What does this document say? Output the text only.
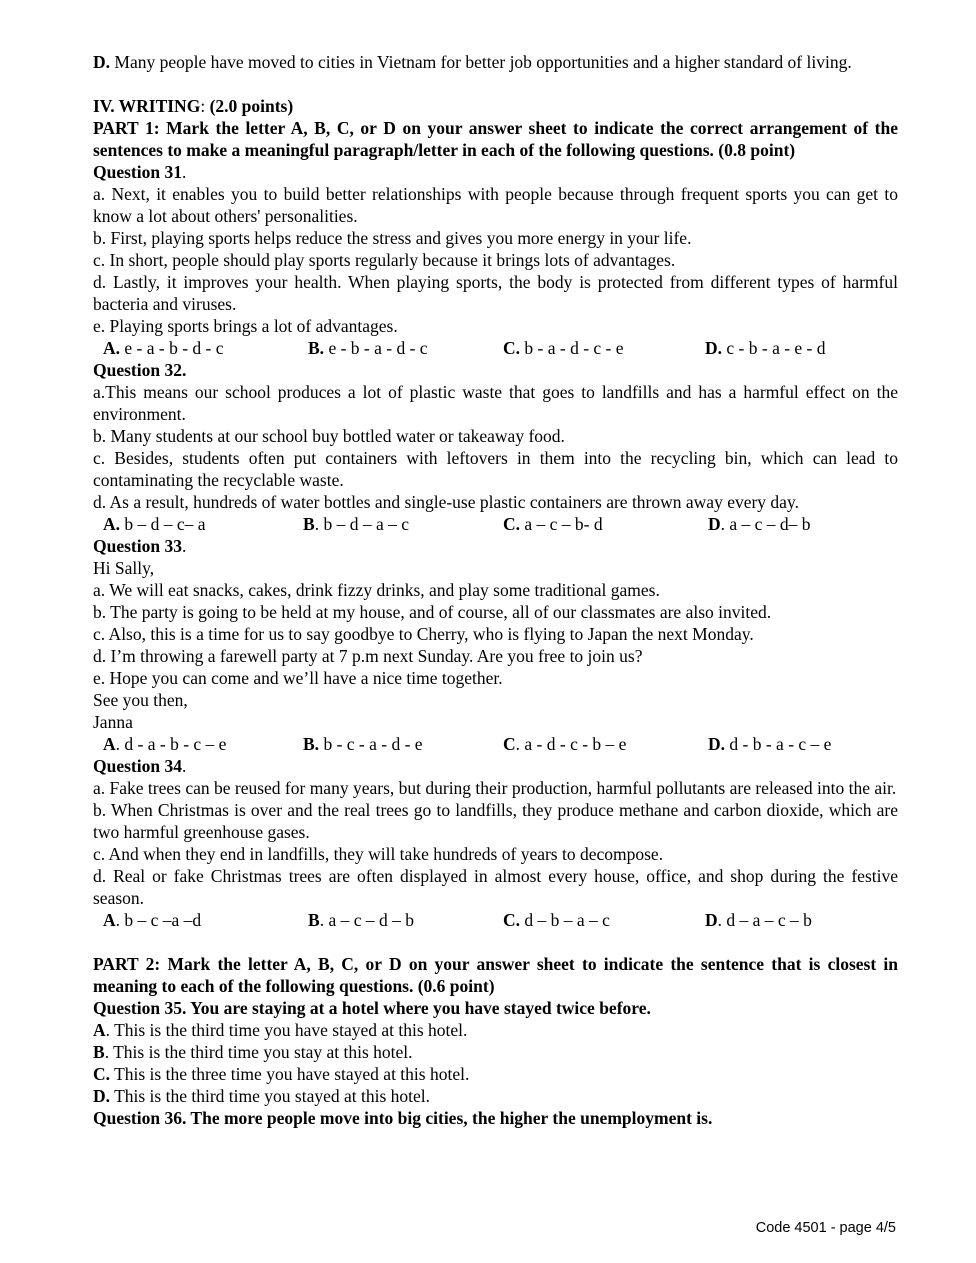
D. Many people have moved to cities in Vietnam for better job opportunities and a higher standard of living.

IV. WRITING: (2.0 points)

PART 1: Mark the letter A, B, C, or D on your answer sheet to indicate the correct arrangement of the sentences to make a meaningful paragraph/letter in each of the following questions. (0.8 point)

Question 31.

a. Next, it enables you to build better relationships with people because through frequent sports you can get to know a lot about others' personalities.

b. First, playing sports helps reduce the stress and gives you more energy in your life.

c. In short, people should play sports regularly because it brings lots of advantages.

d. Lastly, it improves your health. When playing sports, the body is protected from different types of harmful bacteria and viruses.

e. Playing sports brings a lot of advantages.

A. e - a - b - d - c	B. e - b - a - d - c	C. b - a - d - c - e	D. c - b - a - e - d

Question 32.

a.This means our school produces a lot of plastic waste that goes to landfills and has a harmful effect on the environment.

b. Many students at our school buy bottled water or takeaway food.

c. Besides, students often put containers with leftovers in them into the recycling bin, which can lead to contaminating the recyclable waste.

d. As a result, hundreds of water bottles and single-use plastic containers are thrown away every day.

A. b – d – c– a	B. b – d – a – c	C. a – c – b- d	D. a – c – d– b

Question 33.

Hi Sally,

a. We will eat snacks, cakes, drink fizzy drinks, and play some traditional games.

b. The party is going to be held at my house, and of course, all of our classmates are also invited.

c. Also, this is a time for us to say goodbye to Cherry, who is flying to Japan the next Monday.

d. I’m throwing a farewell party at 7 p.m next Sunday. Are you free to join us?

e. Hope you can come and we’ll have a nice time together.

See you then,

Janna

A. d - a - b - c – e	B. b - c - a - d - e	C. a - d - c - b – e	D. d - b - a - c – e

Question 34.

a. Fake trees can be reused for many years, but during their production, harmful pollutants are released into the air.

b. When Christmas is over and the real trees go to landfills, they produce methane and carbon dioxide, which are two harmful greenhouse gases.

c. And when they end in landfills, they will take hundreds of years to decompose.

d. Real or fake Christmas trees are often displayed in almost every house, office, and shop during the festive season.

A. b – c –a –d	B. a – c – d – b	C. d – b – a – c	D. d – a – c – b

PART 2: Mark the letter A, B, C, or D on your answer sheet to indicate the sentence that is closest in meaning to each of the following questions. (0.6 point)

Question 35. You are staying at a hotel where you have stayed twice before.

A. This is the third time you have stayed at this hotel.

B. This is the third time you stay at this hotel.

C. This is the three time you have stayed at this hotel.

D. This is the third time you stayed at this hotel.

Question 36. The more people move into big cities, the higher the unemployment is.

Code 4501 - page 4/5
